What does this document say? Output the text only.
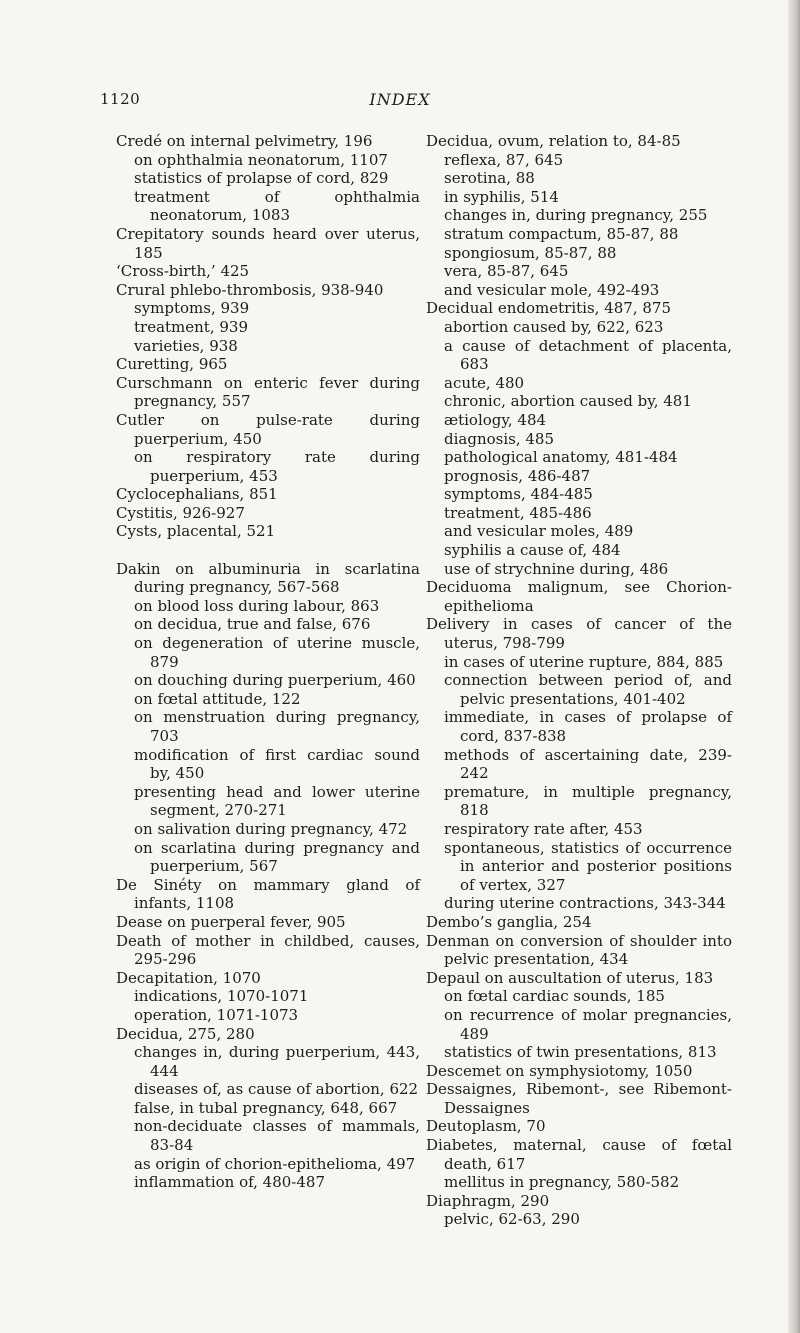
1120	INDEX
Credé on internal pelvimetry, 196
on ophthalmia neonatorum, 1107
statistics of prolapse of cord, 829
treatment of ophthalmia neonatorum, 1083
Crepitatory sounds heard over uterus, 185
‘Cross-birth,’ 425
Crural phlebo-thrombosis, 938-940
symptoms, 939
treatment, 939
varieties, 938
Curetting, 965
Curschmann on enteric fever during pregnancy, 557
Cutler on pulse-rate during puerperium, 450
on respiratory rate during puerperium, 453
Cyclocephalians, 851
Cystitis, 926-927
Cysts, placental, 521
Dakin on albuminuria in scarlatina during pregnancy, 567-568
on blood loss during labour, 863
on decidua, true and false, 676
on degeneration of uterine muscle, 879
on douching during puerperium, 460
on fœtal attitude, 122
on menstruation during pregnancy, 703
modification of first cardiac sound by, 450
presenting head and lower uterine segment, 270-271
on salivation during pregnancy, 472
on scarlatina during pregnancy and puerperium, 567
De Sinéty on mammary gland of infants, 1108
Dease on puerperal fever, 905
Death of mother in childbed, causes, 295-296
Decapitation, 1070
indications, 1070-1071
operation, 1071-1073
Decidua, 275, 280
changes in, during puerperium, 443, 444
diseases of, as cause of abortion, 622
false, in tubal pregnancy, 648, 667
non-deciduate classes of mammals, 83-84
as origin of chorion-epithelioma, 497
inflammation of, 480-487
Decidua, ovum, relation to, 84-85
reflexa, 87, 645
serotina, 88
in syphilis, 514
changes in, during pregnancy, 255
stratum compactum, 85-87, 88
spongiosum, 85-87, 88
vera, 85-87, 645
and vesicular mole, 492-493
Decidual endometritis, 487, 875
abortion caused by, 622, 623
a cause of detachment of placenta, 683
acute, 480
chronic, abortion caused by, 481
ætiology, 484
diagnosis, 485
pathological anatomy, 481-484
prognosis, 486-487
symptoms, 484-485
treatment, 485-486
and vesicular moles, 489
syphilis a cause of, 484
use of strychnine during, 486
Deciduoma malignum, see Chorion-epithelioma
Delivery in cases of cancer of the uterus, 798-799
in cases of uterine rupture, 884, 885
connection between period of, and pelvic presentations, 401-402
immediate, in cases of prolapse of cord, 837-838
methods of ascertaining date, 239-242
premature, in multiple pregnancy, 818
respiratory rate after, 453
spontaneous, statistics of occurrence in anterior and posterior positions of vertex, 327
during uterine contractions, 343-344
Dembo’s ganglia, 254
Denman on conversion of shoulder into pelvic presentation, 434
Depaul on auscultation of uterus, 183
on fœtal cardiac sounds, 185
on recurrence of molar pregnancies, 489
statistics of twin presentations, 813
Descemet on symphysiotomy, 1050
Dessaignes, Ribemont-, see Ribemont-Dessaignes
Deutoplasm, 70
Diabetes, maternal, cause of fœtal death, 617
mellitus in pregnancy, 580-582
Diaphragm, 290
pelvic, 62-63, 290
